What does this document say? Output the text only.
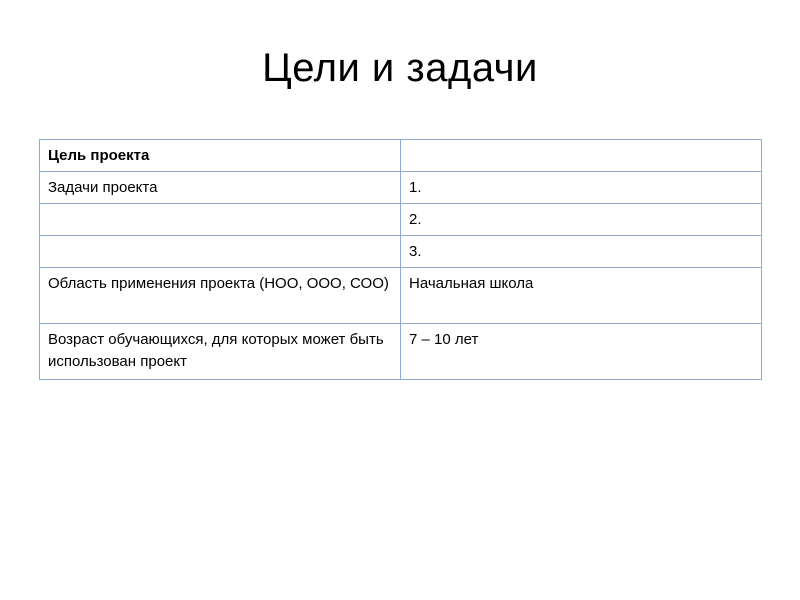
Цели и задачи
Цель проекта	
Задачи проекта	1.
	2.
	3.
Область применения проекта (НОО, ООО, СОО)	Начальная школа
Возраст обучающихся, для которых может быть использован проект	7 – 10 лет
